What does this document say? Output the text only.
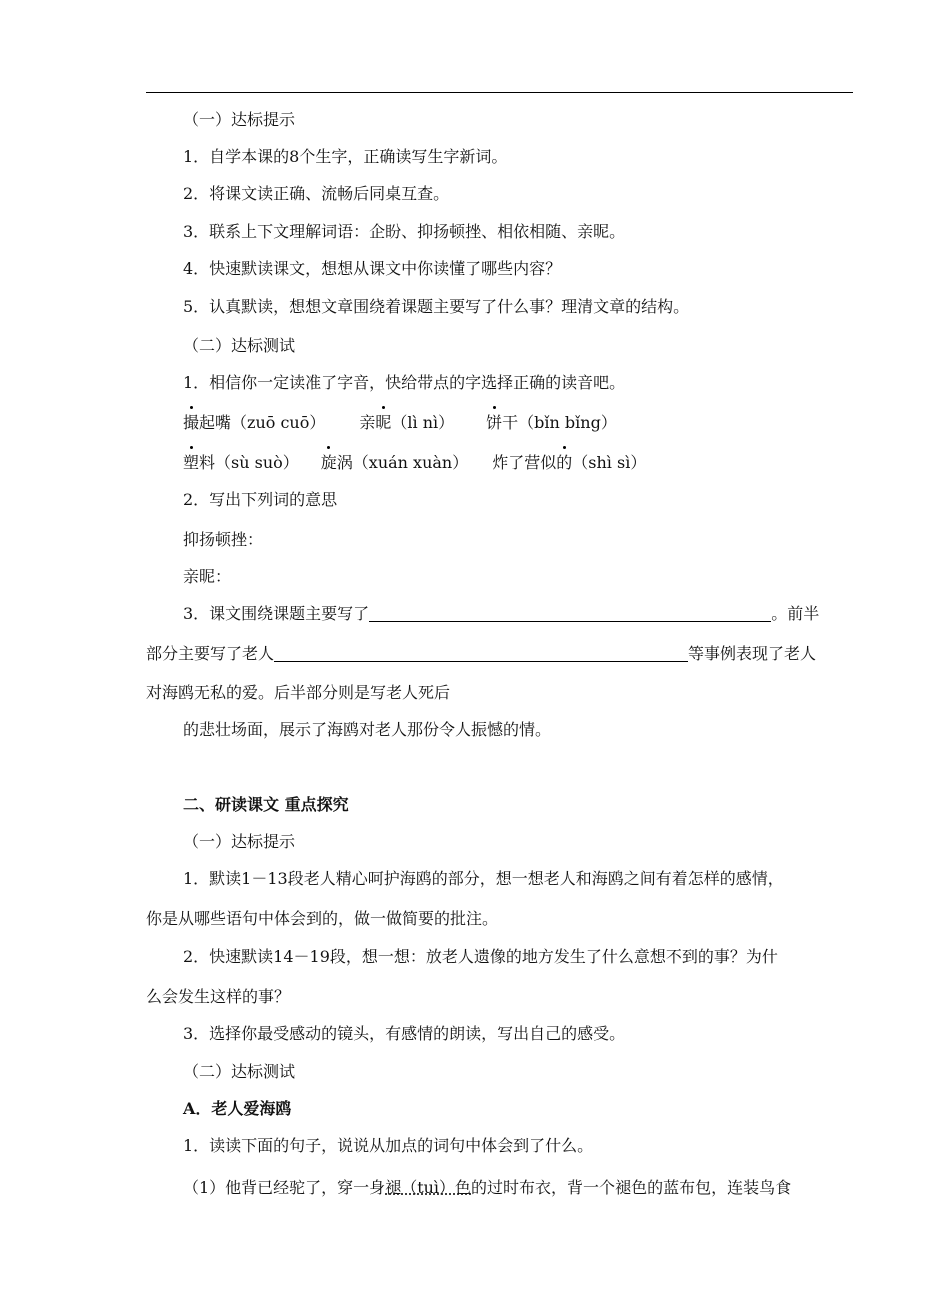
（一）达标提示
1．自学本课的8个生字，正确读写生字新词。
2．将课文读正确、流畅后同桌互查。
3．联系上下文理解词语：企盼、抑扬顿挫、相依相随、亲昵。
4．快速默读课文，想想从课文中你读懂了哪些内容？
5．认真默读，想想文章围绕着课题主要写了什么事？理清文章的结构。
（二）达标测试
1．相信你一定读准了字音，快给带点的字选择正确的读音吧。
撮起嘴（zuō cuō） 亲昵（lì nì） 饼干（bǐn bǐng）
塑料（sù suò） 旋涡（xuán xuàn） 炸了营似的（shì sì）
2．写出下列词的意思
抑扬顿挫：
亲昵：
3．课文围绕课题主要写了	。前半
部分主要写了老人	等事例表现了老人
对海鸥无私的爱。后半部分则是写老人死后
的悲壮场面，展示了海鸥对老人那份令人振憾的情。
二、研读课文 重点探究
（一）达标提示
1．默读1－13段老人精心呵护海鸥的部分，想一想老人和海鸥之间有着怎样的感情，
你是从哪些语句中体会到的，做一做简要的批注。
2．快速默读14－19段，想一想：放老人遗像的地方发生了什么意想不到的事？为什
么会发生这样的事？
3．选择你最受感动的镜头，有感情的朗读，写出自己的感受。
（二）达标测试
A．老人爱海鸥
1．读读下面的句子，说说从加点的词句中体会到了什么。
（1）他背已经驼了，穿一身褪（tuì）色的过时布衣，背一个褪色的蓝布包，连装鸟食
